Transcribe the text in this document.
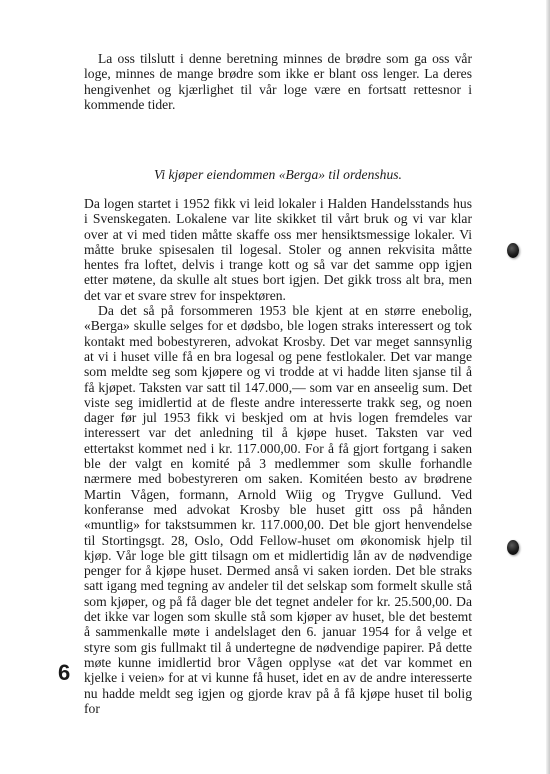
La oss tilslutt i denne beretning minnes de brødre som ga oss vår loge, minnes de mange brødre som ikke er blant oss lenger. La deres hengivenhet og kjærlighet til vår loge være en fortsatt rettesnor i kommende tider.

Vi kjøper eiendommen «Berga» til ordenshus.

Da logen startet i 1952 fikk vi leid lokaler i Halden Handelsstands hus i Svenskegaten. Lokalene var lite skikket til vårt bruk og vi var klar over at vi med tiden måtte skaffe oss mer hensiktsmessige lokaler. Vi måtte bruke spisesalen til logesal. Stoler og annen rekvisita måtte hentes fra loftet, delvis i trange kott og så var det samme opp igjen etter møtene, da skulle alt stues bort igjen. Det gikk tross alt bra, men det var et svare strev for inspektøren.

Da det så på forsommeren 1953 ble kjent at en større enebolig, «Berga» skulle selges for et dødsbo, ble logen straks interessert og tok kontakt med bobestyreren, advokat Krosby. Det var meget sannsynlig at vi i huset ville få en bra logesal og pene festlokaler. Det var mange som meldte seg som kjøpere og vi trodde at vi hadde liten sjanse til å få kjøpet. Taksten var satt til 147.000,— som var en anseelig sum. Det viste seg imidlertid at de fleste andre interesserte trakk seg, og noen dager før jul 1953 fikk vi beskjed om at hvis logen fremdeles var interessert var det anledning til å kjøpe huset. Taksten var ved ettertakst kommet ned i kr. 117.000,00. For å få gjort fortgang i saken ble der valgt en komité på 3 medlemmer som skulle forhandle nærmere med bobestyreren om saken. Komitéen besto av brødrene Martin Vågen, formann, Arnold Wiig og Trygve Gullund. Ved konferanse med advokat Krosby ble huset gitt oss på hånden «muntlig» for takstsummen kr. 117.000,00. Det ble gjort henvendelse til Stortingsgt. 28, Oslo, Odd Fellow-huset om økonomisk hjelp til kjøp. Vår loge ble gitt tilsagn om et midlertidig lån av de nødvendige penger for å kjøpe huset. Dermed anså vi saken iorden. Det ble straks satt igang med tegning av andeler til det selskap som formelt skulle stå som kjøper, og på få dager ble det tegnet andeler for kr. 25.500,00. Da det ikke var logen som skulle stå som kjøper av huset, ble det bestemt å sammenkalle møte i andelslaget den 6. januar 1954 for å velge et styre som gis fullmakt til å undertegne de nødvendige papirer. På dette møte kunne imidlertid bror Vågen opplyse «at det var kommet en kjelke i veien» for at vi kunne få huset, idet en av de andre interesserte nu hadde meldt seg igjen og gjorde krav på å få kjøpe huset til bolig for

6
